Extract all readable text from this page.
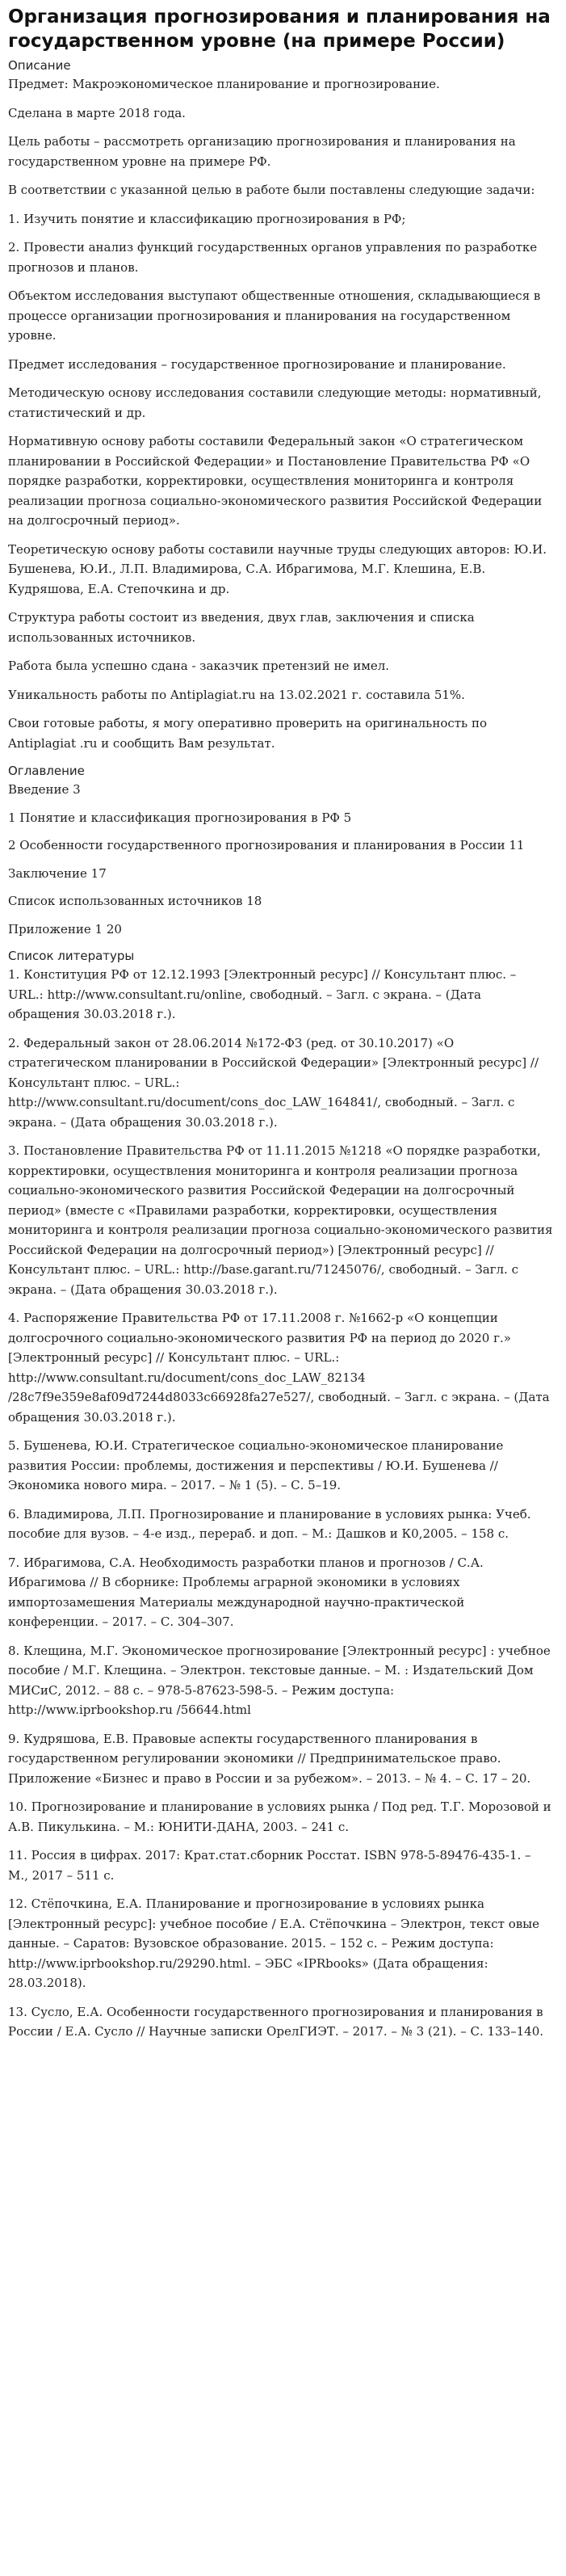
Организация прогнозирования и планирования на государственном уровне (на примере России)
Описание

Предмет: Макроэкономическое планирование и прогнозирование.

Сделана в марте 2018 года.

Цель работы – рассмотреть организацию прогнозирования и планирования на государственном уровне на примере РФ.

В соответствии с указанной целью в работе были поставлены следующие задачи:

1. Изучить понятие и классификацию прогнозирования в РФ;

2. Провести анализ функций государственных органов управления по разработке прогнозов и планов.

Объектом исследования выступают общественные отношения, складывающиеся в процессе организации прогнозирования и планирования на государственном уровне.

Предмет исследования – государственное прогнозирование и планирование.

Методическую основу исследования составили следующие методы: нормативный, статистический и др.

Нормативную основу работы составили Федеральный закон «О стратегическом планировании в Российской Федерации» и Постановление Правительства РФ «О порядке разработки, корректировки, осуществления мониторинга и контроля реализации прогноза социально-экономического развития Российской Федерации на долгосрочный период».

Теоретическую основу работы составили научные труды следующих авторов: Ю.И. Бушенева, Ю.И., Л.П. Владимирова, С.А. Ибрагимова, М.Г. Клешина, Е.В. Кудряшова, Е.А. Степочкина и др.

Структура работы состоит из введения, двух глав, заключения и списка использованных источников.

Работа была успешно сдана - заказчик претензий не имел.

Уникальность работы по Antiplagiat.ru на 13.02.2021 г. составила 51%.

Свои готовые работы, я могу оперативно проверить на оригинальность по Antiplagiat .ru и сообщить Вам результат.

Оглавление

Введение 3

1 Понятие и классификация прогнозирования в РФ 5

2 Особенности государственного прогнозирования и планирования в России 11

Заключение 17

Список использованных источников 18

Приложение 1 20

Список литературы
1. Конституция РФ от 12.12.1993 [Электронный ресурс] // Консультант плюс. – URL.: http://www.consultant.ru/online, свободный. – Загл. с экрана. – (Дата обращения 30.03.2018 г.).
2. Федеральный закон от 28.06.2014 №172-ФЗ (ред. от 30.10.2017) «О стратегическом планировании в Российской Федерации» [Электронный ресурс] // Консультант плюс. – URL.: http://www.consultant.ru/document/cons_doc_LAW_164841/, свободный. – Загл. с экрана. – (Дата обращения 30.03.2018 г.).
3. Постановление Правительства РФ от 11.11.2015 №1218 «О порядке разработки, корректировки, осуществления мониторинга и контроля реализации прогноза социально-экономического развития Российской Федерации на долгосрочный период» (вместе с «Правилами разработки, корректировки, осуществления мониторинга и контроля реализации прогноза социально-экономического развития Российской Федерации на долгосрочный период») [Электронный ресурс] // Консультант плюс. – URL.: http://base.garant.ru/71245076/, свободный. – Загл. с экрана. – (Дата обращения 30.03.2018 г.).
4. Распоряжение Правительства РФ от 17.11.2008 г. №1662-р «О концепции долгосрочного социально-экономического развития РФ на период до 2020 г.» [Электронный ресурс] // Консультант плюс. – URL.: http://www.consultant.ru/document/cons_doc_LAW_82134 /28c7f9e359e8af09d7244d8033c66928fa27e527/, свободный. – Загл. с экрана. – (Дата обращения 30.03.2018 г.).
5. Бушенева, Ю.И. Стратегическое социально-экономическое планирование развития России: проблемы, достижения и перспективы / Ю.И. Бушенева // Экономика нового мира. – 2017. – № 1 (5). – С. 5–19.
6. Владимирова, Л.П. Прогнозирование и планирование в условиях рынка: Учеб. пособие для вузов. – 4-е изд., перераб. и доп. – М.: Дашков и К0,2005. – 158 с.
7. Ибрагимова, С.А. Необходимость разработки планов и прогнозов / С.А. Ибрагимова // В сборнике: Проблемы аграрной экономики в условиях импортозамешения Материалы международной научно-практической конференции. – 2017. – С. 304–307.
8. Клещина, М.Г. Экономическое прогнозирование [Электронный ресурс] : учебное пособие / М.Г. Клещина. – Электрон. текстовые данные. – М. : Издательский Дом МИСиС, 2012. – 88 c. – 978-5-87623-598-5. – Режим доступа: http://www.iprbookshop.ru /56644.html
9. Кудряшова, Е.В. Правовые аспекты государственного планирования в государственном регулировании экономики // Предпринимательское право. Приложение «Бизнес и право в России и за рубежом». – 2013. – № 4. – С. 17 – 20.
10. Прогнозирование и планирование в условиях рынка / Под ред. Т.Г. Морозовой и А.В. Пикулькина. – М.: ЮНИТИ-ДАНА, 2003. – 241 с.
11. Россия в цифрах. 2017: Крат.стат.сборник Росстат. ISBN 978-5-89476-435-1. – М., 2017 – 511 с.
12. Стёпочкина, Е.А. Планирование и прогнозирование в условиях рынка [Электронный ресурс]: учебное пособие / Е.А. Стёпочкина – Электрон, текст овые данные. – Саратов: Вузовское образование. 2015. – 152 с. – Режим доступа: http://www.iprbookshop.ru/29290.html. – ЭБС «IPRbooks» (Дата обращения: 28.03.2018).
13. Сусло, Е.А. Особенности государственного прогнозирования и планирования в России / Е.А. Сусло // Научные записки ОрелГИЭТ. – 2017. – № 3 (21). – С. 133–140.
